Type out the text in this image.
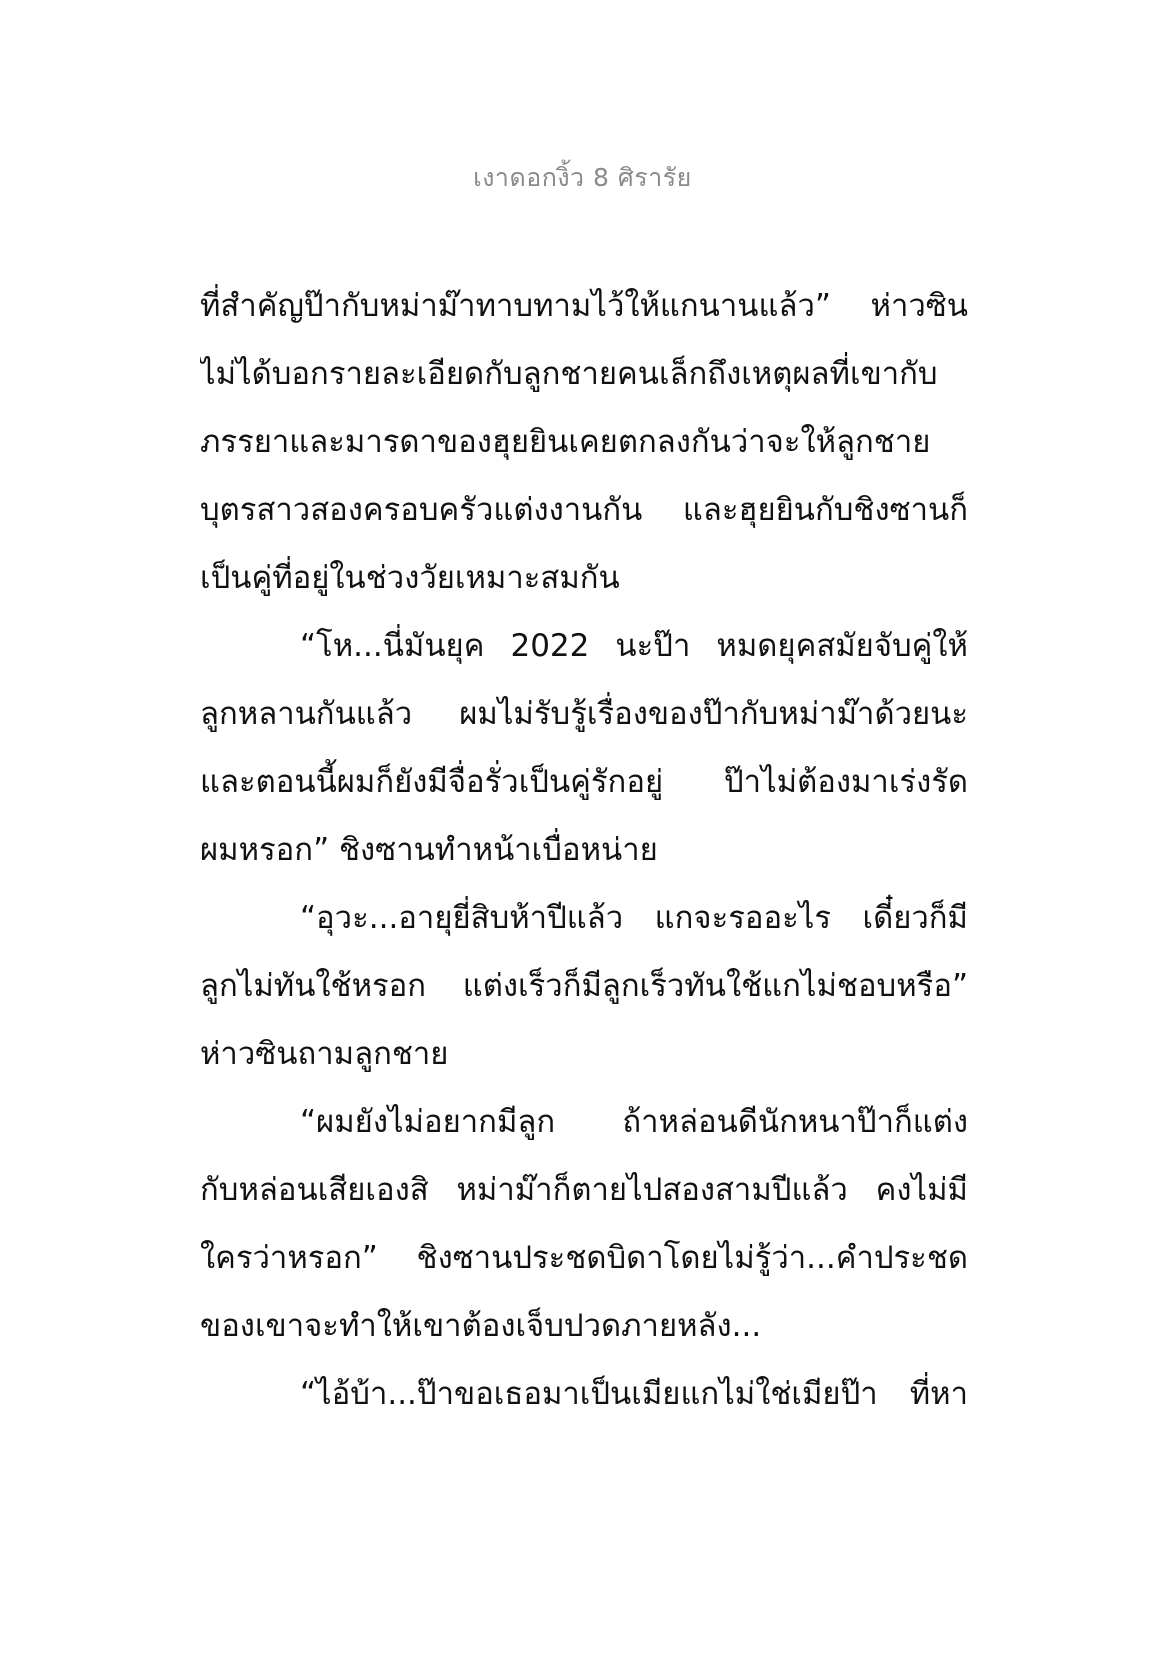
เงาดอกงิ้ว 8 ศิรารัย
ที่สำคัญป๊ากับหม่าม๊าทาบทามไว้ให้แกนานแล้ว” ห่าวซิน
ไม่ได้บอกรายละเอียดกับลูกชายคนเล็กถึงเหตุผลที่เขากับ
ภรรยาและมารดาของฮุยยินเคยตกลงกันว่าจะให้ลูกชาย
บุตรสาวสองครอบครัวแต่งงานกัน และฮุยยินกับชิงซานก็
เป็นคู่ที่อยู่ในช่วงวัยเหมาะสมกัน
“โห...นี่มันยุค 2022 นะป๊า หมดยุคสมัยจับคู่ให้
ลูกหลานกันแล้ว ผมไม่รับรู้เรื่องของป๊ากับหม่าม๊าด้วยนะ
และตอนนี้ผมก็ยังมีจื่อรั่วเป็นคู่รักอยู่ ป๊าไม่ต้องมาเร่งรัด
ผมหรอก” ชิงซานทำหน้าเบื่อหน่าย
“อุวะ...อายุยี่สิบห้าปีแล้ว แกจะรออะไร เดี๋ยวก็มี
ลูกไม่ทันใช้หรอก แต่งเร็วก็มีลูกเร็วทันใช้แกไม่ชอบหรือ”
ห่าวซินถามลูกชาย
“ผมยังไม่อยากมีลูก ถ้าหล่อนดีนักหนาป๊าก็แต่ง
กับหล่อนเสียเองสิ หม่าม๊าก็ตายไปสองสามปีแล้ว คงไม่มี
ใครว่าหรอก” ชิงซานประชดบิดาโดยไม่รู้ว่า...คำประชด
ของเขาจะทำให้เขาต้องเจ็บปวดภายหลัง...
“ไอ้บ้า...ป๊าขอเธอมาเป็นเมียแกไม่ใช่เมียป๊า ที่หา
